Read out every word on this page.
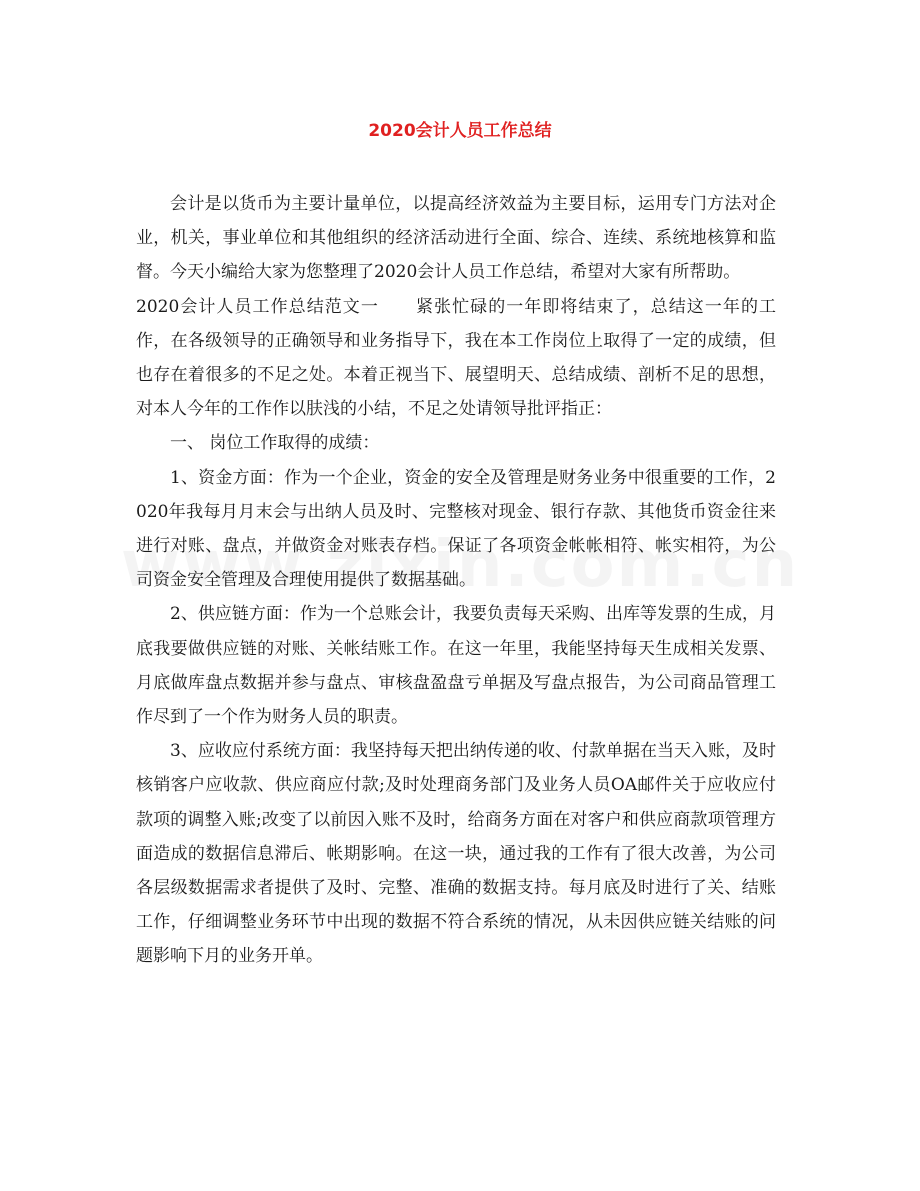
2020会计人员工作总结

会计是以货币为主要计量单位，以提高经济效益为主要目标，运用专门方法对企业，机关，事业单位和其他组织的经济活动进行全面、综合、连续、系统地核算和监督。今天小编给大家为您整理了2020会计人员工作总结，希望对大家有所帮助。

2020会计人员工作总结范文一 紧张忙碌的一年即将结束了，总结这一年的工作，在各级领导的正确领导和业务指导下，我在本工作岗位上取得了一定的成绩，但也存在着很多的不足之处。本着正视当下、展望明天、总结成绩、剖析不足的思想，对本人今年的工作作以肤浅的小结，不足之处请领导批评指正：

一、 岗位工作取得的成绩：

1、资金方面：作为一个企业，资金的安全及管理是财务业务中很重要的工作，2020年我每月月末会与出纳人员及时、完整核对现金、银行存款、其他货币资金往来进行对账、盘点，并做资金对账表存档。保证了各项资金帐帐相符、帐实相符，为公司资金安全管理及合理使用提供了数据基础。

2、供应链方面：作为一个总账会计，我要负责每天采购、出库等发票的生成，月底我要做供应链的对账、关帐结账工作。在这一年里，我能坚持每天生成相关发票、月底做库盘点数据并参与盘点、审核盘盈盘亏单据及写盘点报告，为公司商品管理工作尽到了一个作为财务人员的职责。

3、应收应付系统方面：我坚持每天把出纳传递的收、付款单据在当天入账，及时核销客户应收款、供应商应付款;及时处理商务部门及业务人员OA邮件关于应收应付款项的调整入账;改变了以前因入账不及时，给商务方面在对客户和供应商款项管理方面造成的数据信息滞后、帐期影响。在这一块，通过我的工作有了很大改善，为公司各层级数据需求者提供了及时、完整、准确的数据支持。每月底及时进行了关、结账工作，仔细调整业务环节中出现的数据不符合系统的情况，从未因供应链关结账的问题影响下月的业务开单。
